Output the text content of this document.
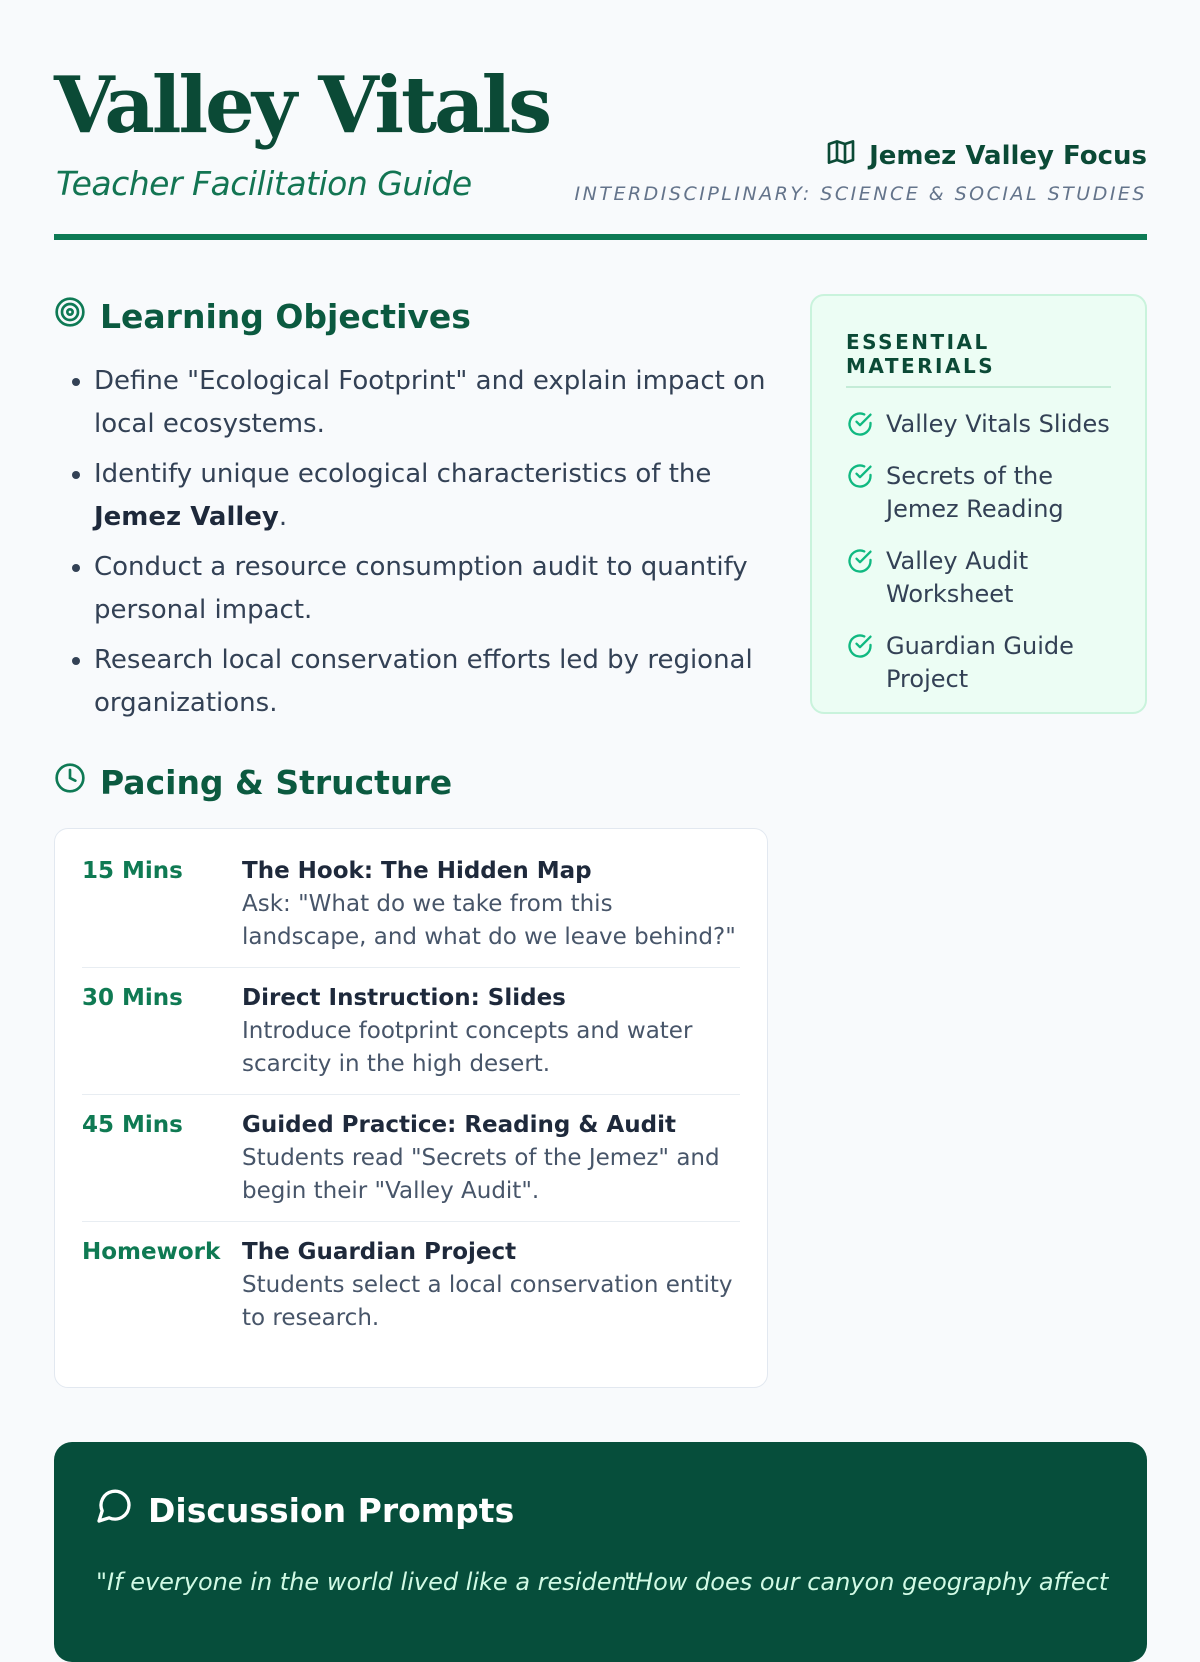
Valley Vitals
Teacher Facilitation Guide
Jemez Valley Focus
INTERDISCIPLINARY: SCIENCE & SOCIAL STUDIES
Learning Objectives
• Define "Ecological Footprint" and explain impact on local ecosystems.
• Identify unique ecological characteristics of the Jemez Valley.
• Conduct a resource consumption audit to quantify personal impact.
• Research local conservation efforts led by regional organizations.
ESSENTIAL MATERIALS
Valley Vitals Slides
Secrets of the Jemez Reading
Valley Audit Worksheet
Guardian Guide Project
Pacing & Structure
15 Mins	The Hook: The Hidden Map
Ask: "What do we take from this landscape, and what do we leave behind?"
30 Mins	Direct Instruction: Slides
Introduce footprint concepts and water scarcity in the high desert.
45 Mins	Guided Practice: Reading & Audit
Students read "Secrets of the Jemez" and begin their "Valley Audit".
Homework The Guardian Project
Students select a local conservation entity to research.
Discussion Prompts
"If everyone in the world lived like a resident
"How does our canyon geography affect
